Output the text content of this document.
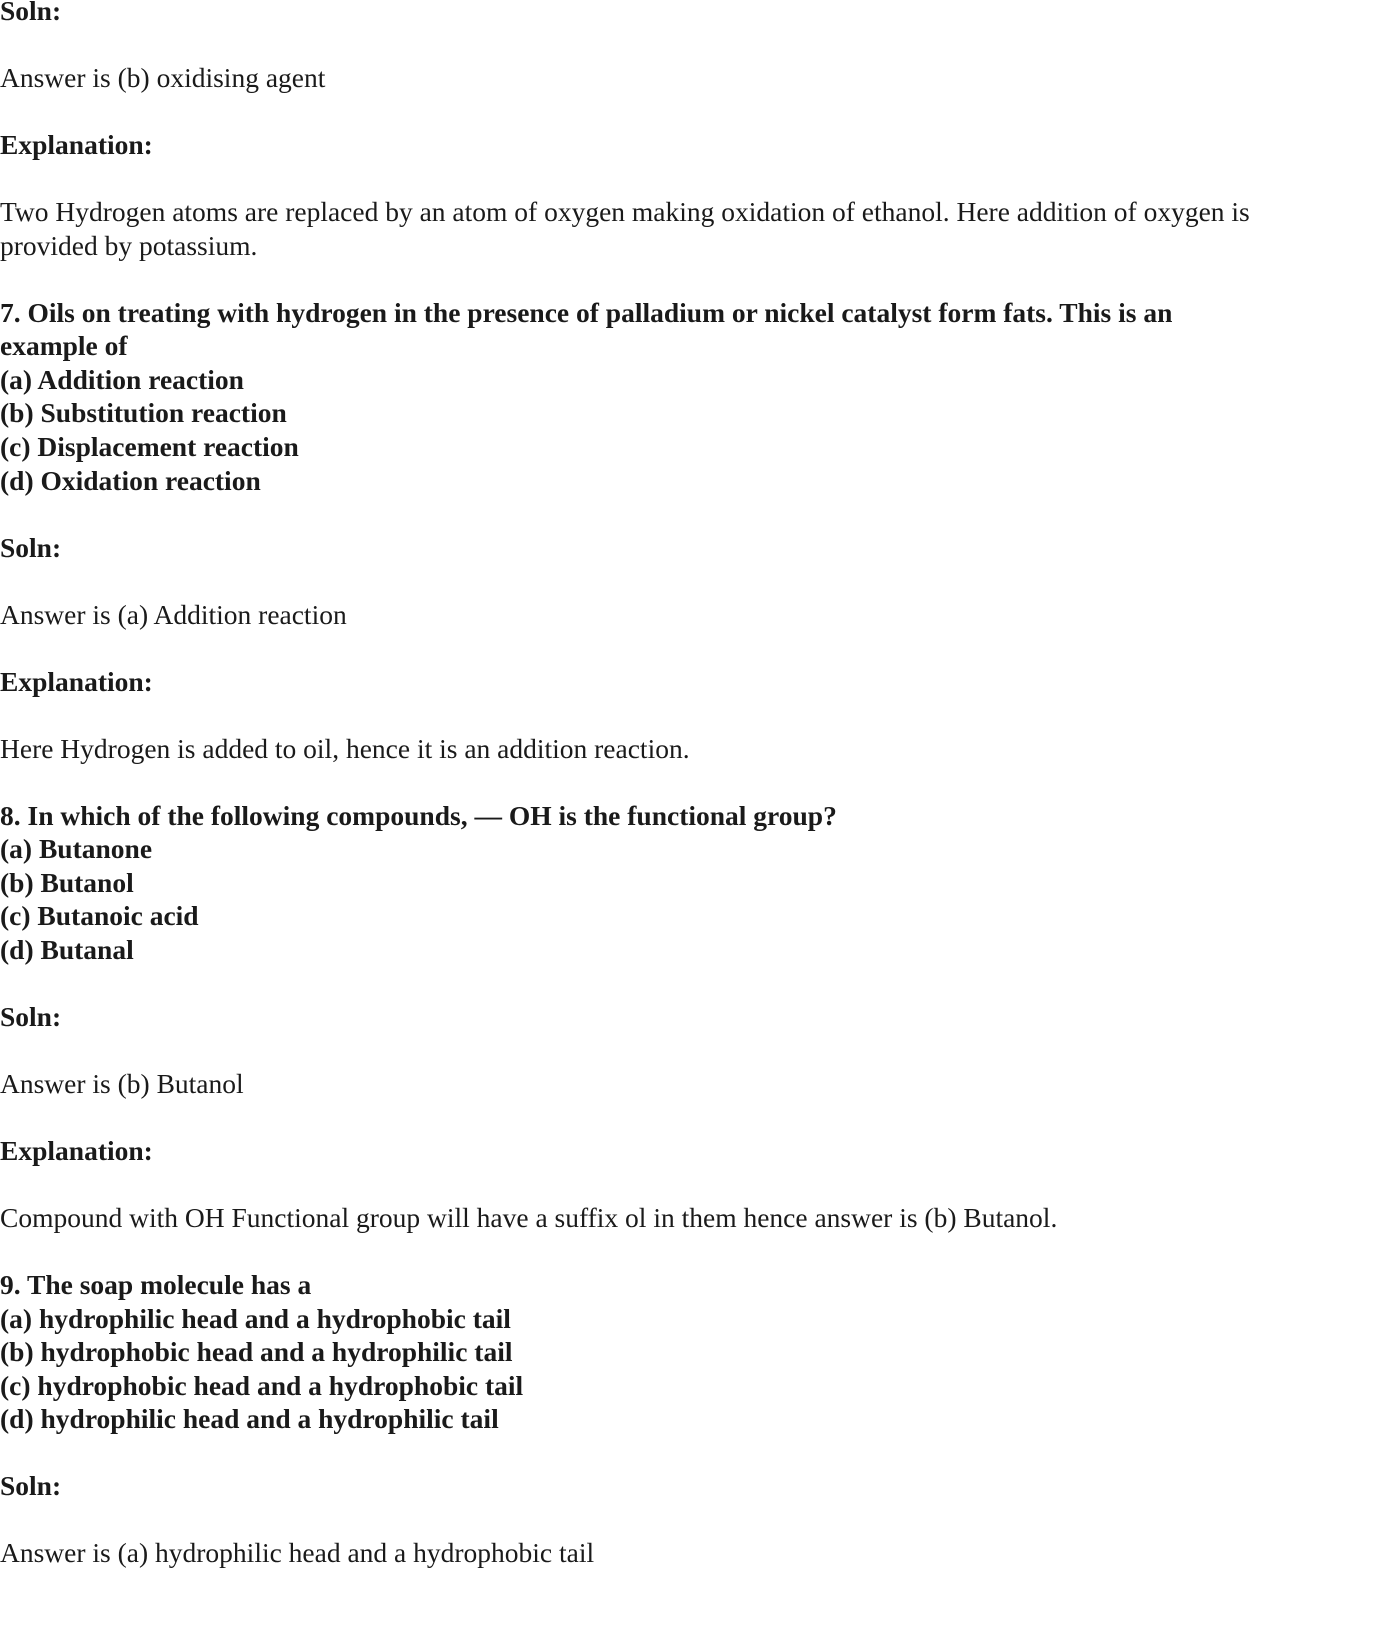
Soln:

Answer is (b) oxidising agent

Explanation:

Two Hydrogen atoms are replaced by an atom of oxygen making oxidation of ethanol. Here addition of oxygen is

provided by potassium.

7. Oils on treating with hydrogen in the presence of palladium or nickel catalyst form fats. This is an

example of

(a) Addition reaction

(b) Substitution reaction

(c) Displacement reaction

(d) Oxidation reaction

Soln:

Answer is (a) Addition reaction

Explanation:

Here Hydrogen is added to oil, hence it is an addition reaction.

8. In which of the following compounds, — OH is the functional group?

(a) Butanone

(b) Butanol

(c) Butanoic acid

(d) Butanal

Soln:

Answer is (b) Butanol

Explanation:

Compound with OH Functional group will have a suffix ol in them hence answer is (b) Butanol.

9. The soap molecule has a

(a) hydrophilic head and a hydrophobic tail

(b) hydrophobic head and a hydrophilic tail

(c) hydrophobic head and a hydrophobic tail

(d) hydrophilic head and a hydrophilic tail

Soln:

Answer is (a) hydrophilic head and a hydrophobic tail
